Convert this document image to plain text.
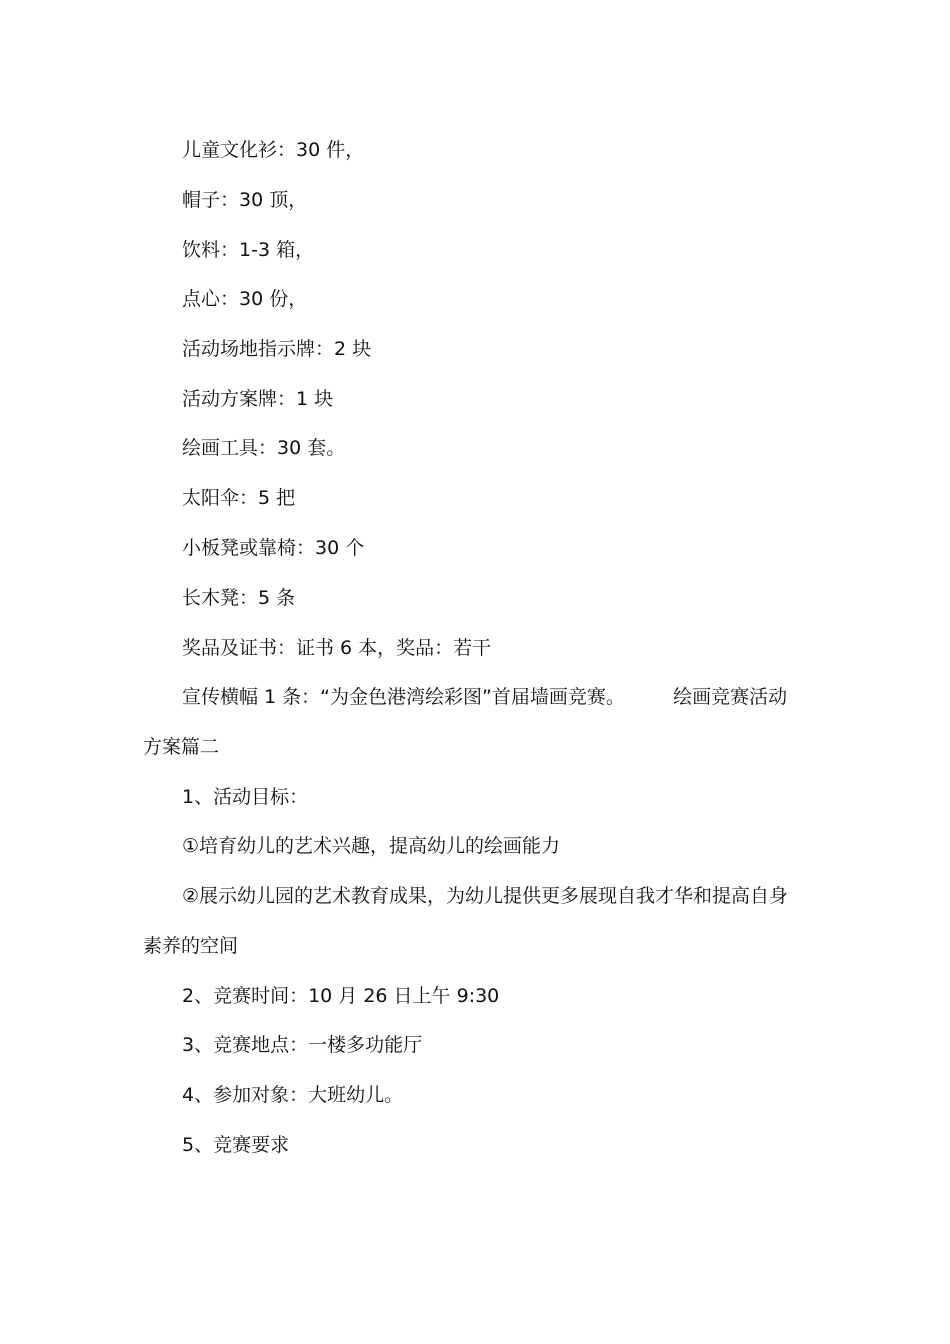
儿童文化衫：30 件，
帽子：30 顶，
饮料：1-3 箱，
点心：30 份，
活动场地指示牌：2 块
活动方案牌：1 块
绘画工具：30 套。
太阳伞：5 把
小板凳或靠椅：30 个
长木凳：5 条
奖品及证书：证书 6 本，奖品：若干
宣传横幅 1 条：“为金色港湾绘彩图”首届墙画竞赛。        绘画竞赛活动
方案篇二
1、活动目标：
①培育幼儿的艺术兴趣，提高幼儿的绘画能力
②展示幼儿园的艺术教育成果，为幼儿提供更多展现自我才华和提高自身
素养的空间
2、竞赛时间：10 月 26 日上午 9:30
3、竞赛地点：一楼多功能厅
4、参加对象：大班幼儿。
5、竞赛要求
